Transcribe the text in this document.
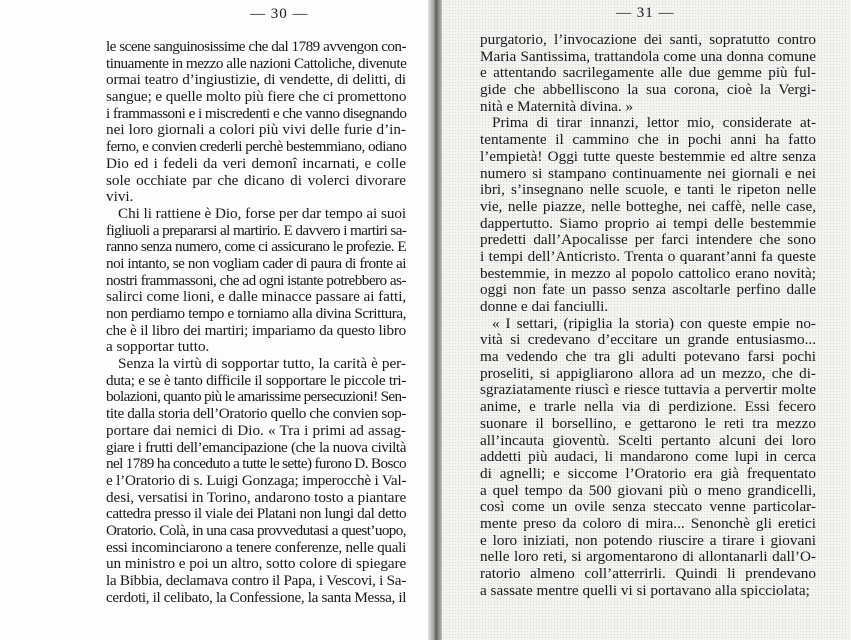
— 30 —
le scene sanguinosissime che dal 1789 avvengon con-
tinuamente in mezzo alle nazioni Cattoliche, divenute
ormai teatro d’ingiustizie, di vendette, di delitti, di
sangue; e quelle molto più fiere che ci promettono
i frammassoni e i miscredenti e che vanno disegnando
nei loro giornali a colori più vivi delle furie d’in-
ferno, e convien crederli perchè bestemmiano, odiano
Dio ed i fedeli da veri demonî incarnati, e colle
sole occhiate par che dicano di volerci divorare
vivi.
Chi li rattiene è Dio, forse per dar tempo ai suoi
figliuoli a prepararsi al martirio. E davvero i martiri sa-
ranno senza numero, come ci assicurano le profezie. E
noi intanto, se non vogliam cader di paura di fronte ai
nostri frammassoni, che ad ogni istante potrebbero as-
salirci come lioni, e dalle minacce passare ai fatti,
non perdiamo tempo e torniamo alla divina Scrittura,
che è il libro dei martiri; impariamo da questo libro
a sopportar tutto.
Senza la virtù di sopportar tutto, la carità è per-
duta; e se è tanto difficile il sopportare le piccole tri-
bolazioni, quanto più le amarissime persecuzioni! Sen-
tite dalla storia dell’Oratorio quello che convien sop-
portare dai nemici di Dio. « Tra i primi ad assag-
giare i frutti dell’emancipazione (che la nuova civiltà
nel 1789 ha conceduto a tutte le sette) furono D. Bosco
e l’Oratorio di s. Luigi Gonzaga; imperocchè i Val-
desi, versatisi in Torino, andarono tosto a piantare
cattedra presso il viale dei Platani non lungi dal detto
Oratorio. Colà, in una casa provvedutasi a quest’uopo,
essi incominciarono a tenere conferenze, nelle quali
un ministro e poi un altro, sotto colore di spiegare
la Bibbia, declamava contro il Papa, i Vescovi, i Sa-
cerdoti, il celibato, la Confessione, la santa Messa, il
— 31 —
purgatorio, l’invocazione dei santi, sopratutto contro
Maria Santissima, trattandola come una donna comune
e attentando sacrilegamente alle due gemme più ful-
gide che abbelliscono la sua corona, cioè la Vergi-
nità e Maternità divina. »
Prima di tirar innanzi, lettor mio, considerate at-
tentamente il cammino che in pochi anni ha fatto
l’empietà! Oggi tutte queste bestemmie ed altre senza
numero si stampano continuamente nei giornali e nei
ibri, s’insegnano nelle scuole, e tanti le ripeton nelle
vie, nelle piazze, nelle botteghe, nei caffè, nelle case,
dappertutto. Siamo proprio ai tempi delle bestemmie
predetti dall’Apocalisse per farci intendere che sono
i tempi dell’Anticristo. Trenta o quarant’anni fa queste
bestemmie, in mezzo al popolo cattolico erano novità;
oggi non fate un passo senza ascoltarle perfino dalle
donne e dai fanciulli.
« I settari, (ripiglia la storia) con queste empie no-
vità si credevano d’eccitare un grande entusiasmo...
ma vedendo che tra gli adulti potevano farsi pochi
proseliti, si appigliarono allora ad un mezzo, che di-
sgraziatamente riuscì e riesce tuttavia a pervertir molte
anime, e trarle nella via di perdizione. Essi fecero
suonare il borsellino, e gettarono le reti tra mezzo
all’incauta gioventù. Scelti pertanto alcuni dei loro
addetti più audaci, li mandarono come lupi in cerca
di agnelli; e siccome l’Oratorio era già frequentato
a quel tempo da 500 giovani più o meno grandicelli,
così come un ovile senza steccato venne particolar-
mente preso da coloro di mira... Senonchè gli eretici
e loro iniziati, non potendo riuscire a tirare i giovani
nelle loro reti, si argomentarono di allontanarli dall’O-
ratorio almeno coll’atterrirli. Quindi li prendevano
a sassate mentre quelli vi si portavano alla spicciolata;
